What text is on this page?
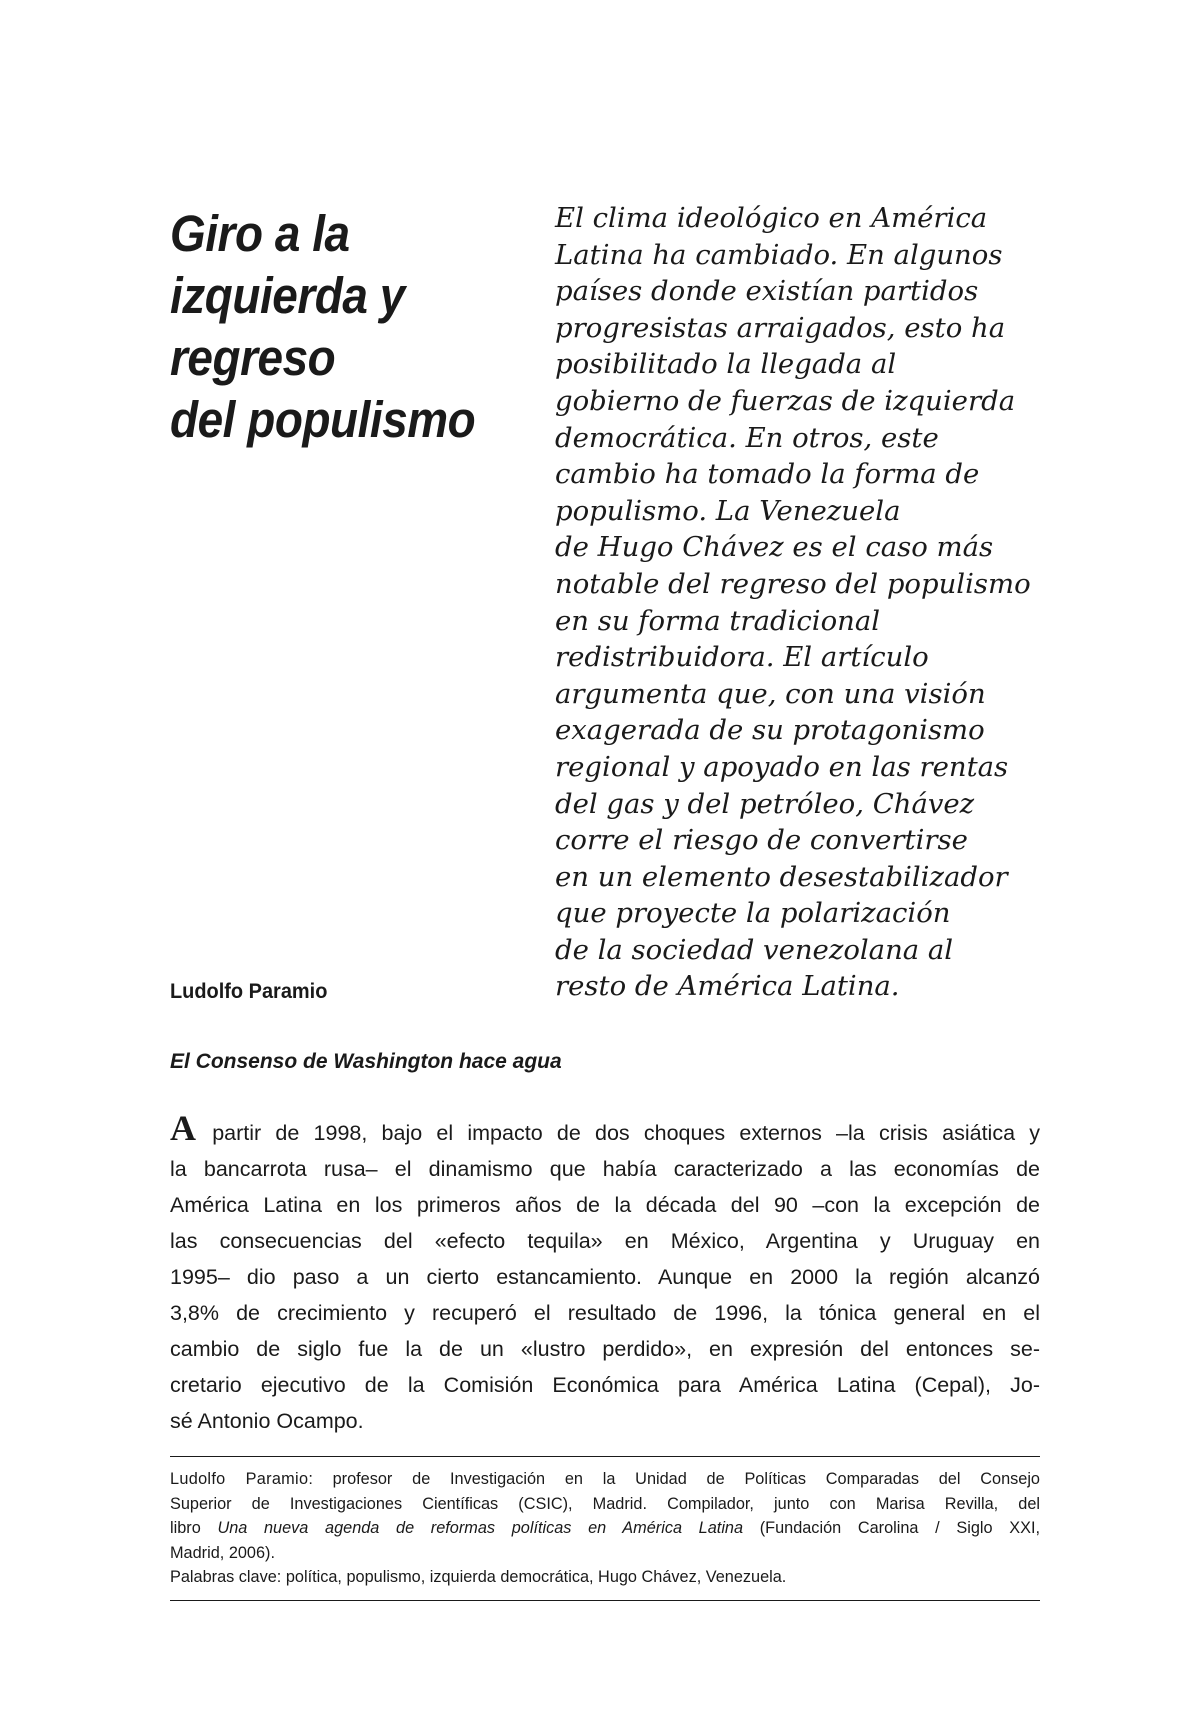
Giro a la
izquierda y
regreso
del populismo
El clima ideológico en América
Latina ha cambiado. En algunos
países donde existían partidos
progresistas arraigados, esto ha
posibilitado la llegada al
gobierno de fuerzas de izquierda
democrática. En otros, este
cambio ha tomado la forma de
populismo. La Venezuela
de Hugo Chávez es el caso más
notable del regreso del populismo
en su forma tradicional
redistribuidora. El artículo
argumenta que, con una visión
exagerada de su protagonismo
regional y apoyado en las rentas
del gas y del petróleo, Chávez
corre el riesgo de convertirse
en un elemento desestabilizador
que proyecte la polarización
de la sociedad venezolana al
resto de América Latina.

Ludolfo Paramio

El Consenso de Washington hace agua
A partir de 1998, bajo el impacto de dos choques externos –la crisis asiática y
la bancarrota rusa– el dinamismo que había caracterizado a las economías de
América Latina en los primeros años de la década del 90 –con la excepción de
las consecuencias del «efecto tequila» en México, Argentina y Uruguay en
1995– dio paso a un cierto estancamiento. Aunque en 2000 la región alcanzó
3,8% de crecimiento y recuperó el resultado de 1996, la tónica general en el
cambio de siglo fue la de un «lustro perdido», en expresión del entonces se-
cretario ejecutivo de la Comisión Económica para América Latina (Cepal), Jo-
sé Antonio Ocampo.
Ludolfo Paramio: profesor de Investigación en la Unidad de Políticas Comparadas del Consejo
Superior de Investigaciones Científicas (CSIC), Madrid. Compilador, junto con Marisa Revilla, del
libro Una nueva agenda de reformas políticas en América Latina (Fundación Carolina / Siglo XXI,
Madrid, 2006).
Palabras clave: política, populismo, izquierda democrática, Hugo Chávez, Venezuela.
